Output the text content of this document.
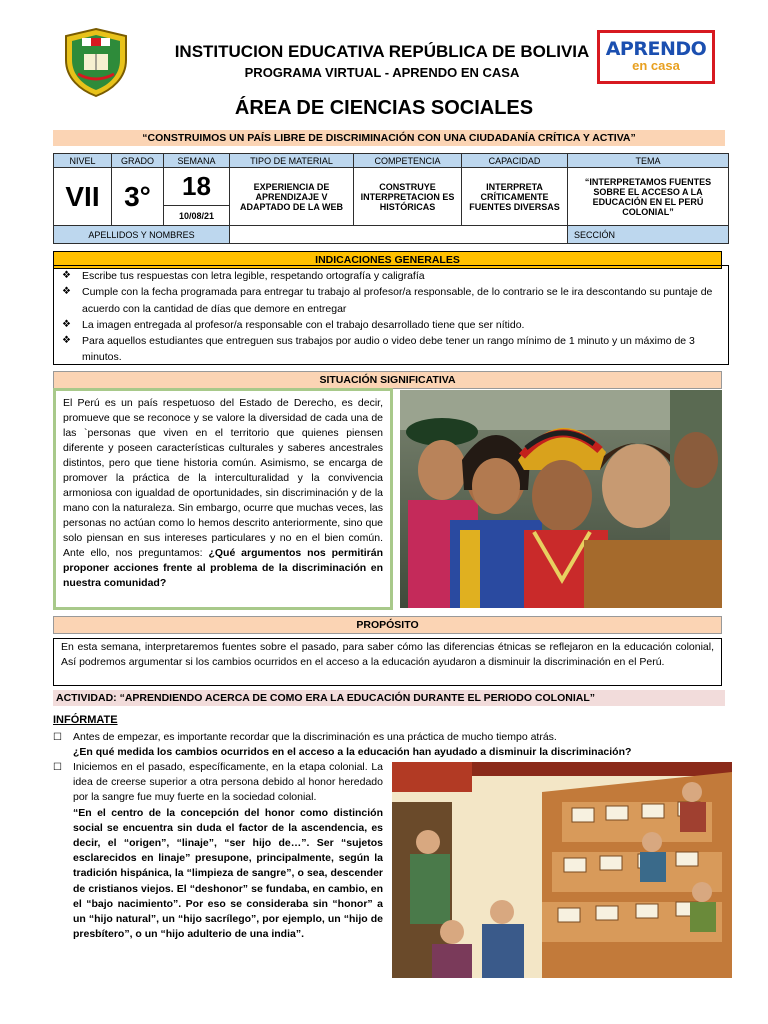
INSTITUCION EDUCATIVA REPÚBLICA DE BOLIVIA
PROGRAMA VIRTUAL - APRENDO EN CASA
APRENDO
en casa
ÁREA DE CIENCIAS SOCIALES
“CONSTRUIMOS UN PAÍS LIBRE DE DISCRIMINACIÓN CON UNA CIUDADANÍA CRÍTICA Y ACTIVA”
NIVEL	GRADO	SEMANA	TIPO DE MATERIAL	COMPETENCIA	CAPACIDAD	TEMA
VII	3°	18	EXPERIENCIA DE APRENDIZAJE V ADAPTADO DE LA WEB	CONSTRUYE INTERPRETACION ES HISTÓRICAS	INTERPRETA CRÍTICAMENTE FUENTES DIVERSAS	“INTERPRETAMOS FUENTES SOBRE EL ACCESO A LA EDUCACIÓN EN EL PERÚ COLONIAL”
		10/08/21				
APELLIDOS Y NOMBRES						SECCIÓN
INDICACIONES GENERALES
❖	Escribe tus respuestas con letra legible, respetando ortografía y caligrafía
❖	Cumple con la fecha programada para entregar tu trabajo al profesor/a responsable, de lo contrario se le ira descontando su puntaje de acuerdo con la cantidad de días que demore en entregar
❖	La imagen entregada al profesor/a responsable con el trabajo desarrollado tiene que ser nítido.
❖	Para aquellos estudiantes que entreguen sus trabajos por audio o video debe tener un rango mínimo de 1 minuto y un máximo de 3 minutos.
SITUACIÓN SIGNIFICATIVA
El Perú es un país respetuoso del Estado de Derecho, es decir, promueve que se reconoce y se valore la diversidad de cada una de las `personas que viven en el territorio que quienes piensen diferente y poseen características culturales y saberes ancestrales distintos, pero que tiene historia común. Asimismo, se encarga de promover la práctica de la interculturalidad y la convivencia armoniosa con igualdad de oportunidades, sin discriminación y de la mano con la naturaleza. Sin embargo, ocurre que muchas veces, las personas no actúan como lo hemos descrito anteriormente, sino que solo piensan en sus intereses particulares y no en el bien común. Ante ello, nos preguntamos: ¿Qué argumentos nos permitirán proponer acciones frente al problema de la discriminación en nuestra comunidad?
PROPÓSITO
En esta semana, interpretaremos fuentes sobre el pasado, para saber cómo las diferencias étnicas se reflejaron en la educación colonial, Así podremos argumentar si los cambios ocurridos en el acceso a la educación ayudaron a disminuir la discriminación en el Perú.
ACTIVIDAD: “APRENDIENDO ACERCA DE COMO ERA LA EDUCACIÓN DURANTE EL PERIODO COLONIAL”
INFÓRMATE
☐	Antes de empezar, es importante recordar que la discriminación es una práctica de mucho tiempo atrás.
¿En qué medida los cambios ocurridos en el acceso a la educación han ayudado a disminuir la discriminación?
☐	Iniciemos en el pasado, específicamente, en la etapa colonial. La idea de creerse superior a otra persona debido al honor heredado por la sangre fue muy fuerte en la sociedad colonial.
“En el centro de la concepción del honor como distinción social se encuentra sin duda el factor de la ascendencia, es decir, el “origen”, “linaje”, “ser hijo de…”. Ser “sujetos esclarecidos en linaje” presupone, principalmente, según la tradición hispánica, la “limpieza de sangre”, o sea, descender de cristianos viejos. El “deshonor” se fundaba, en cambio, en el “bajo nacimiento”. Por eso se consideraba sin “honor” a un “hijo natural”, un “hijo sacrílego”, por ejemplo, un “hijo de presbítero”, o un “hijo adulterio de una india”.
